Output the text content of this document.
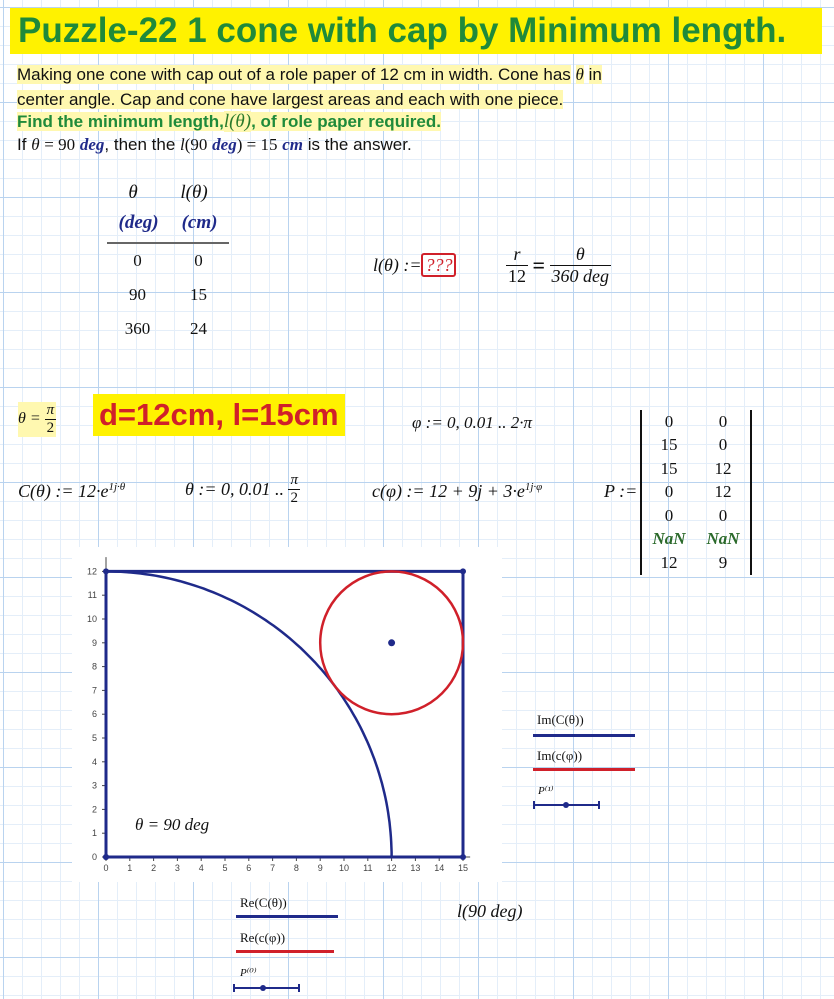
Puzzle-22 1 cone with cap by Minimum length.
Making one cone with cap out of a role paper of 12 cm in width. Cone has θ in
center angle. Cap and cone have largest areas and each with one piece.
Find the minimum length,l(θ), of role paper required.
If θ = 90 deg, then the l(90 deg) = 15 cm is the answer.
θ l(θ)
(deg) (cm)
0	0
90	15
360	24
l(θ) := ???	$\frac{r}{12} = \frac{\theta}{\text{360 deg}}$
$\theta = \frac{\pi}{2} d=12cm$, l=15cm	φ := 0, 0.01 .. 2·π
C(θ) := $12\cdot e^{1j\cdot\theta}$	θ := 0, 0.01 .. $\frac{\pi}{2}$	c(φ) := $12 + 9j + 3\cdot e^{1j\cdot\varphi}$	P :=
0	0
15	0
15	12
0	12
0	0
NaN	NaN
12	9
0
1
2
3
4
5
6
7
8
9
10
11
12
0 1 2 3 4 5 6 7 8 9 10 11 12 13 14 15
θ = 90 deg
Im(C(θ))
Im(c(φ))
P⁽¹⁾
Re(C(θ))
Re(c(φ))
P⁽⁰⁾
l(90 deg)
